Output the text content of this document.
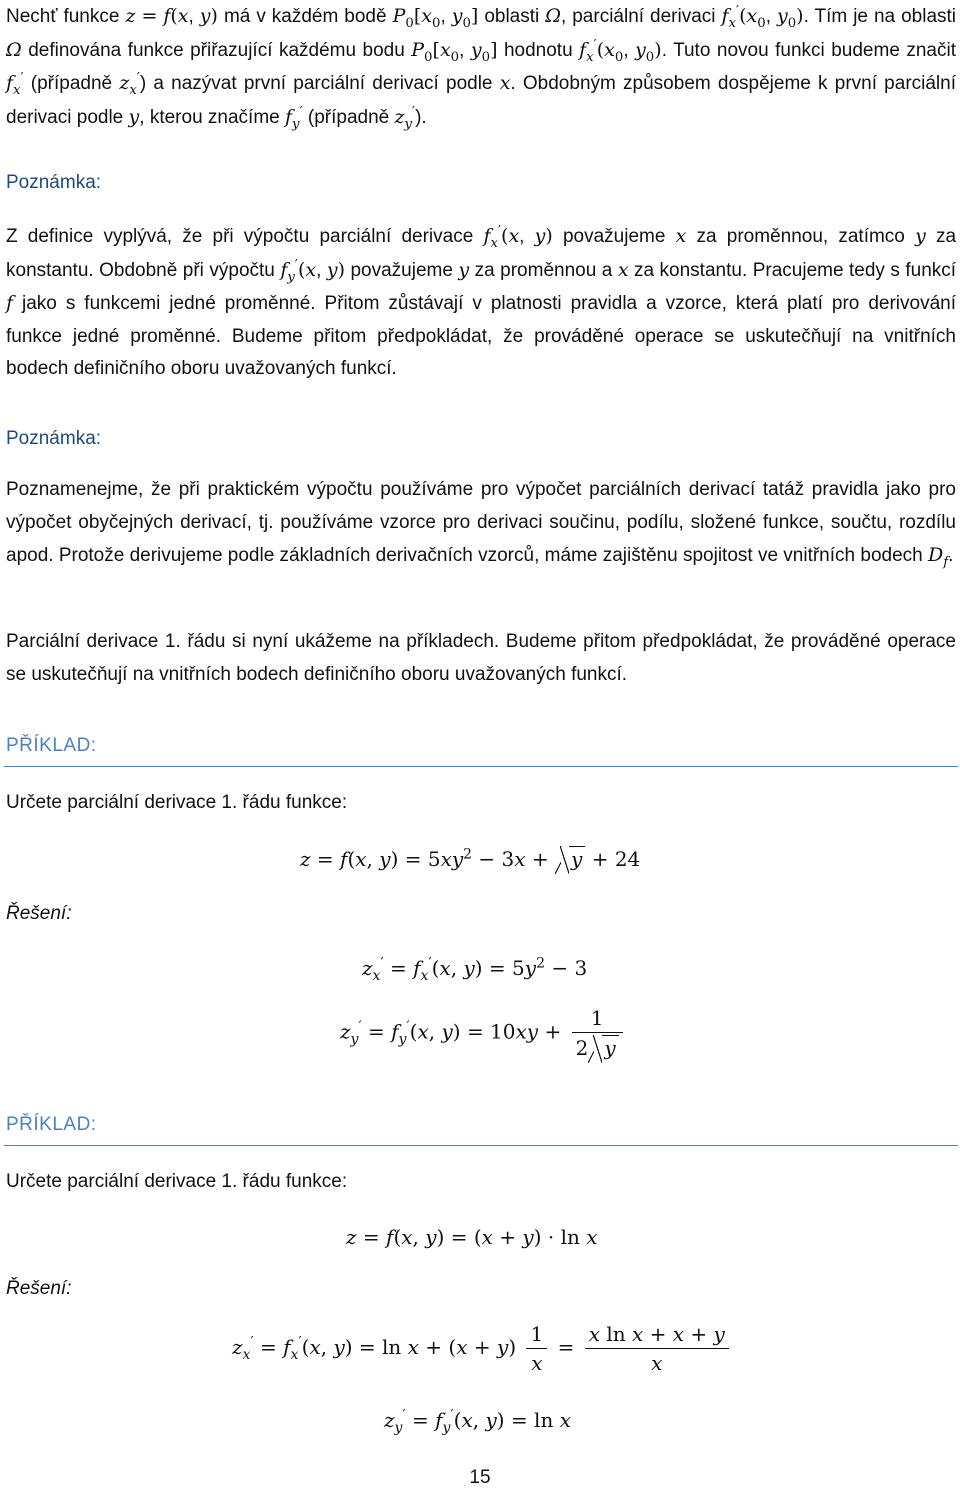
Nechť funkce z = f(x, y) má v každém bodě $P_0[x_0$, $y_0$] oblasti Ω, parciální derivaci $f_x'(x_0$, $y_0$). Tím je na oblasti Ω definována funkce přiřazující každému bodu $P_0[x_0$, $y_0$] hodnotu $f_x'(x_0$, $y_0$). Tuto novou funkci budeme značit $f_x'$ (případně $z_x'$) a nazývat první parciální derivací podle x. Obdobným způsobem dospějeme k první parciální derivaci podle y, kterou značíme $f_y'$ (případně $z_y'$).

Poznámka:

Z definice vyplývá, že při výpočtu parciální derivace $f_x'(x$, y) považujeme x za proměnnou, zatímco y za konstantu. Obdobně při výpočtu $f_y'(x$, y) považujeme y za proměnnou a x za konstantu. Pracujeme tedy s funkcí f jako s funkcemi jedné proměnné. Přitom zůstávají v platnosti pravidla a vzorce, která platí pro derivování funkce jedné proměnné. Budeme přitom předpokládat, že prováděné operace se uskutečňují na vnitřních bodech definičního oboru uvažovaných funkcí.

Poznámka:

Poznamenejme, že při praktickém výpočtu používáme pro výpočet parciálních derivací tatáž pravidla jako pro výpočet obyčejných derivací, tj. používáme vzorce pro derivaci součinu, podílu, složené funkce, součtu, rozdílu apod. Protože derivujeme podle základních derivačních vzorců, máme zajištěnu spojitost ve vnitřních bodech $D_f$.

Parciální derivace 1. řádu si nyní ukážeme na příkladech. Budeme přitom předpokládat, že prováděné operace se uskutečňují na vnitřních bodech definičního oboru uvažovaných funkcí.

PŘÍKLAD:
Určete parciální derivace 1. řádu funkce:
z = f(x, $y) = 5xy^2 - 3x + y + 24$
Řešení:
$z_x' = f_x'(x$, $y) = 5y^2 - 3$
$z_y' = f_y'(x$, $y) = 10xy + \frac{1}{2 y}$
PŘÍKLAD:
Určete parciální derivace 1. řádu funkce:
z = f(x, y) = (x + y) · ln x
Řešení:
$z_x' = f_x'(x$, $y) = \ln x + (x + y) \frac{1}{x} = \frac{\text{x ln x + x + y}}{x}$
$z_y' = f_y'(x$, y) = ln x
15
